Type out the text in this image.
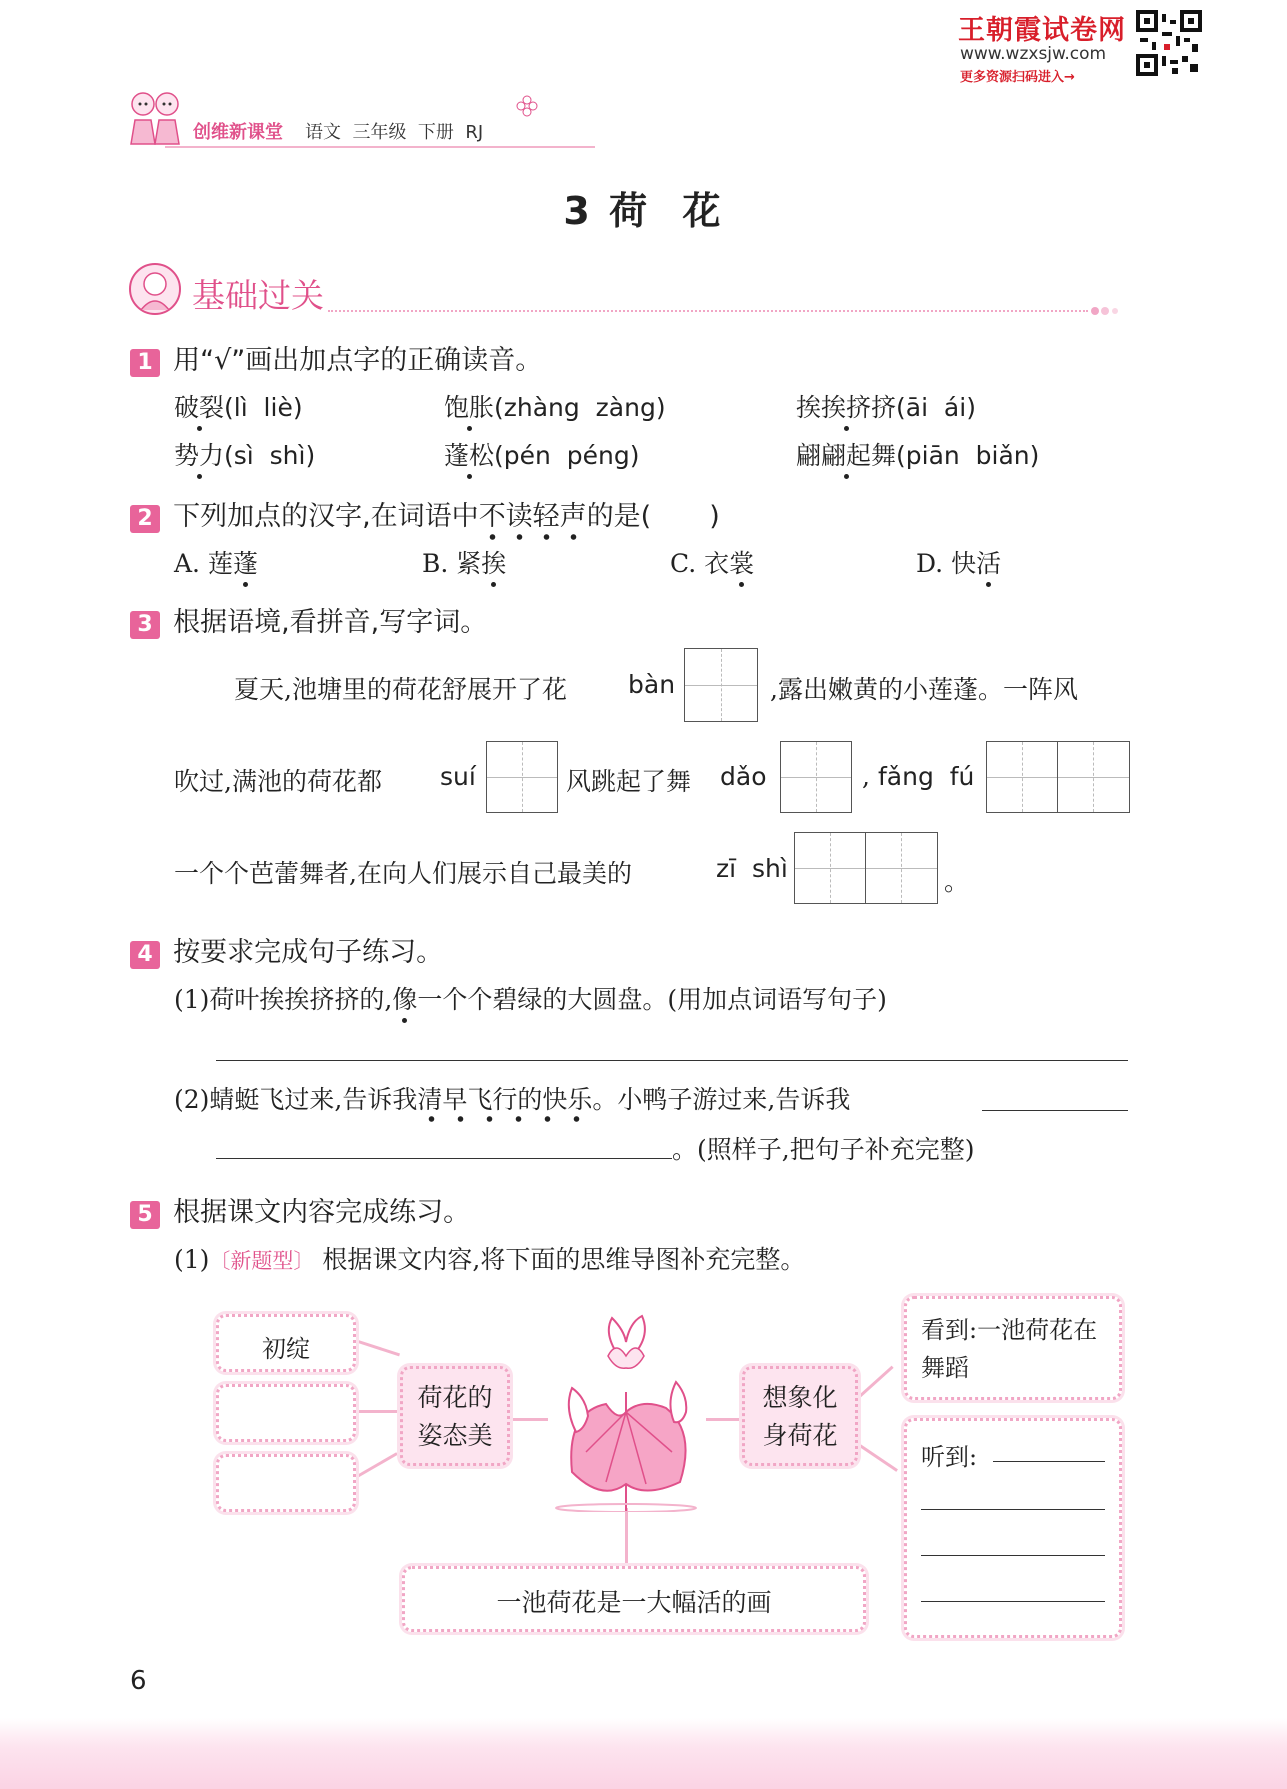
王朝霞试卷网
www.wzxsjw.com
更多资源扫码进入→
创维新课堂 语文  三年级  下册  RJ
3 荷  花
基础过关
1 用“√”画出加点字的正确读音。
破裂(lì  liè)	饱胀(zhàng  zàng)	挨挨挤挤(āi  ái)
势力(sì  shì)	蓬松(pén  péng)	翩翩起舞(piān  biǎn)
2 下列加点的汉字,在词语中不读轻声的是( )
A. 莲蓬	B. 紧挨	C. 衣裳	D. 快活
3 根据语境,看拼音,写字词。
夏天,池塘里的荷花舒展开了花 bàn	,露出嫩黄的小莲蓬。一阵风
吹过,满池的荷花都 suí	风跳起了舞 dǎo	, fǎng  fú
一个个芭蕾舞者,在向人们展示自己最美的	zī  shì	。
4 按要求完成句子练习。
(1)荷叶挨挨挤挤的,像一个个碧绿的大圆盘。(用加点词语写句子)
(2)蜻蜓飞过来,告诉我清早飞行的快乐。小鸭子游过来,告诉我
。(照样子,把句子补充完整)
5 根据课文内容完成练习。
(1)〔新题型〕 根据课文内容,将下面的思维导图补充完整。
初绽
荷花的姿态美
想象化身荷花
看到:一池荷花在舞蹈
听到:
一池荷花是一大幅活的画
6
